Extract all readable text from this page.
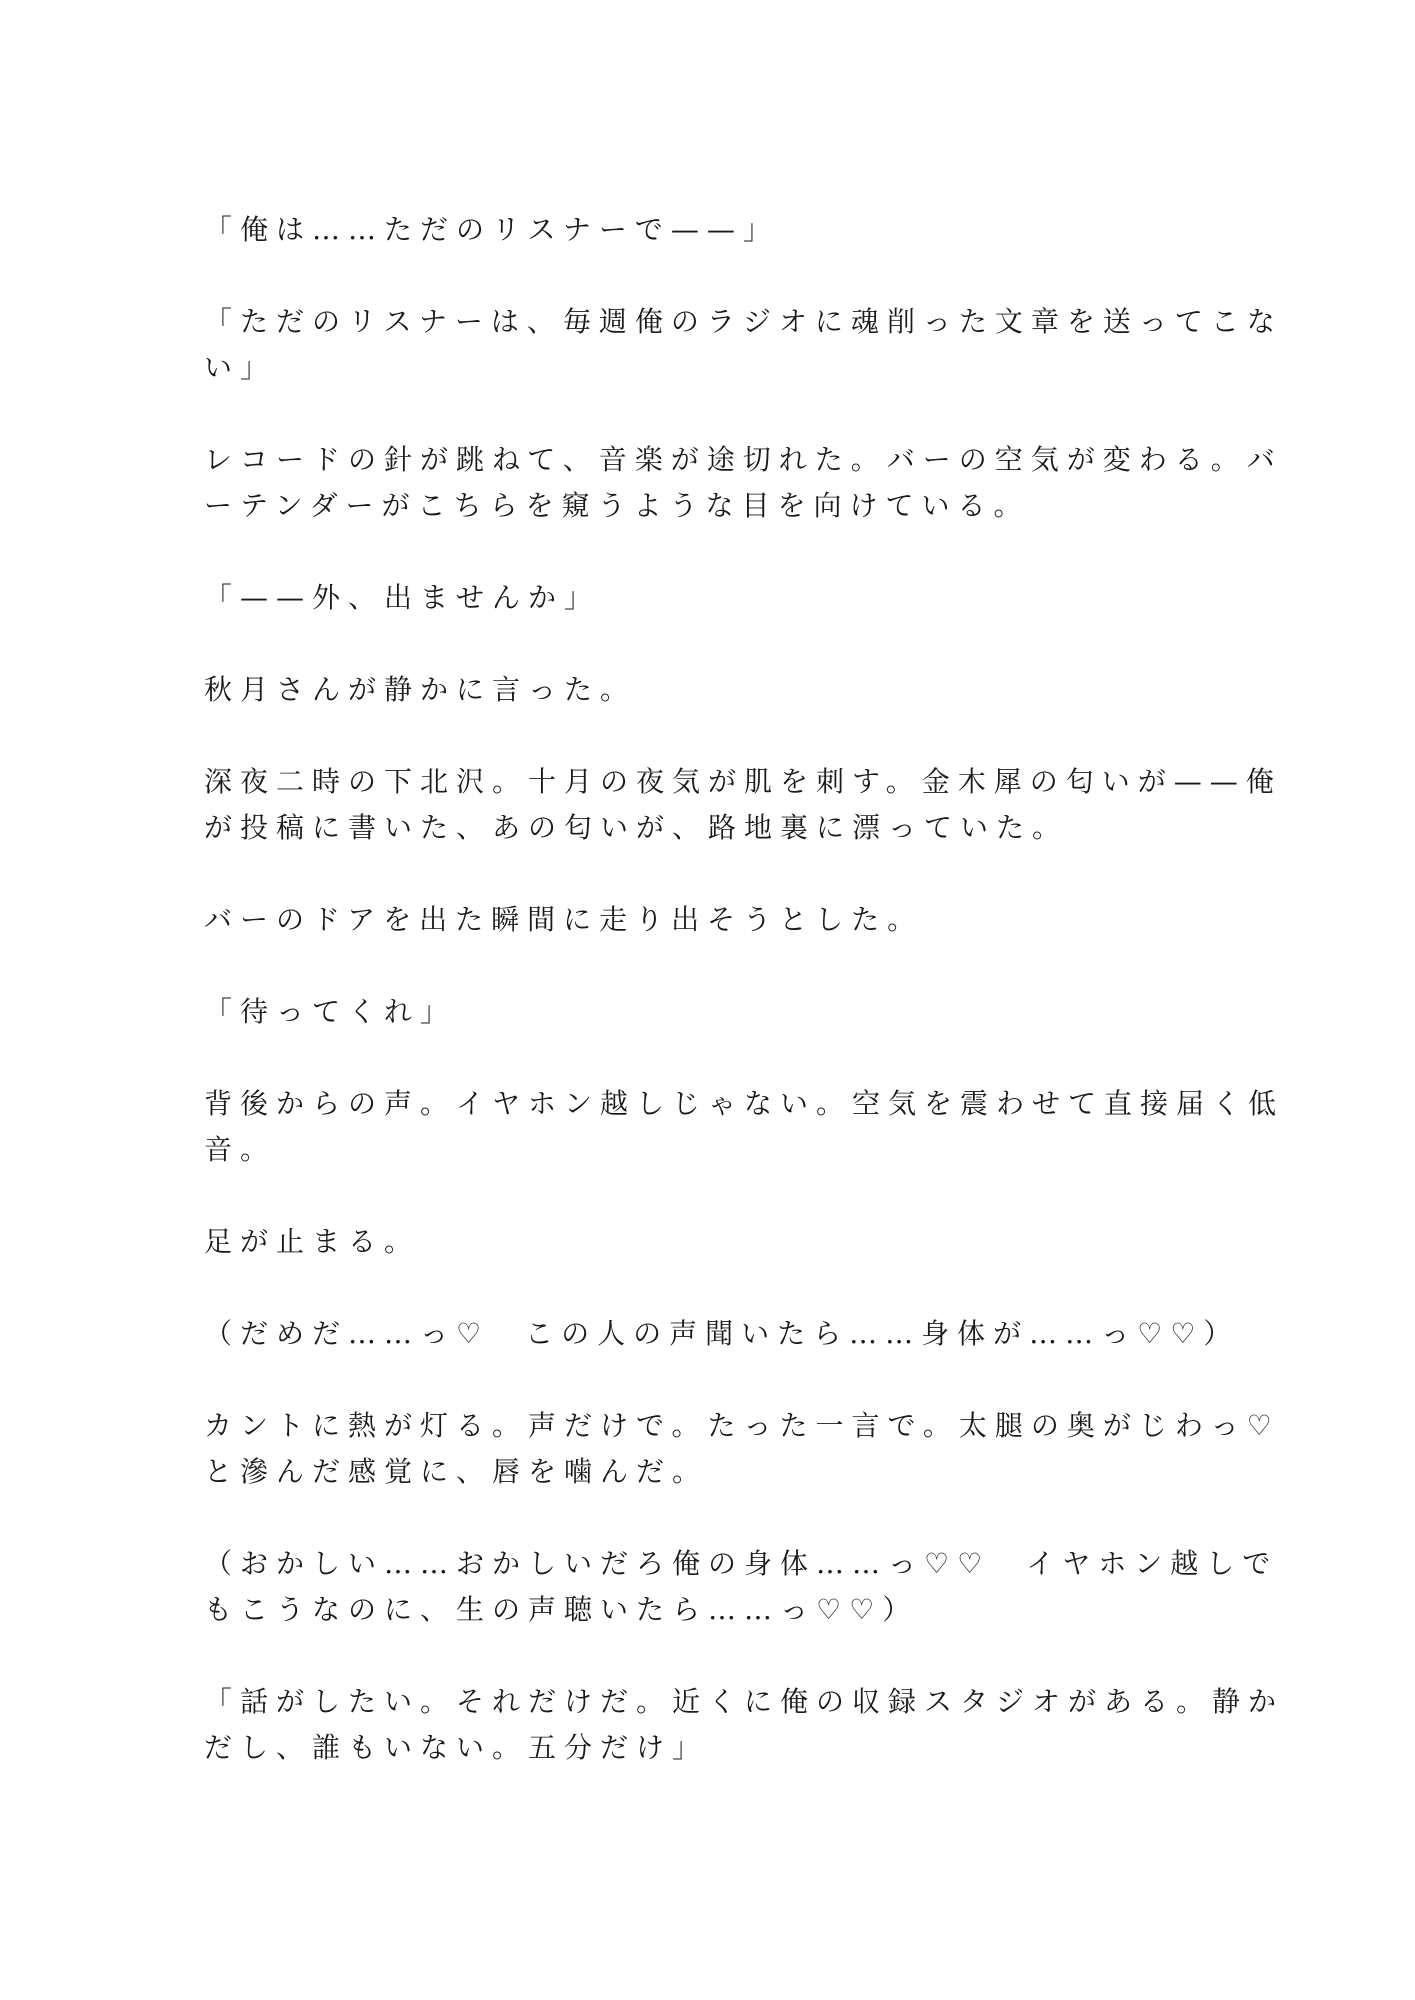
「俺は……ただのリスナーで——」

「ただのリスナーは、毎週俺のラジオに魂削った文章を送ってこな
い」

レコードの針が跳ねて、音楽が途切れた。バーの空気が変わる。バ
ーテンダーがこちらを窺うような目を向けている。

「——外、出ませんか」

秋月さんが静かに言った。

深夜二時の下北沢。十月の夜気が肌を刺す。金木犀の匂いが——俺
が投稿に書いた、あの匂いが、路地裏に漂っていた。

バーのドアを出た瞬間に走り出そうとした。

「待ってくれ」

背後からの声。イヤホン越しじゃない。空気を震わせて直接届く低
音。

足が止まる。

（だめだ……っ♡　この人の声聞いたら……身体が……っ♡♡）

カントに熱が灯る。声だけで。たった一言で。太腿の奥がじわっ♡
と滲んだ感覚に、唇を噛んだ。

（おかしい……おかしいだろ俺の身体……っ♡♡　イヤホン越しで
もこうなのに、生の声聴いたら……っ♡♡）

「話がしたい。それだけだ。近くに俺の収録スタジオがある。静か
だし、誰もいない。五分だけ」
